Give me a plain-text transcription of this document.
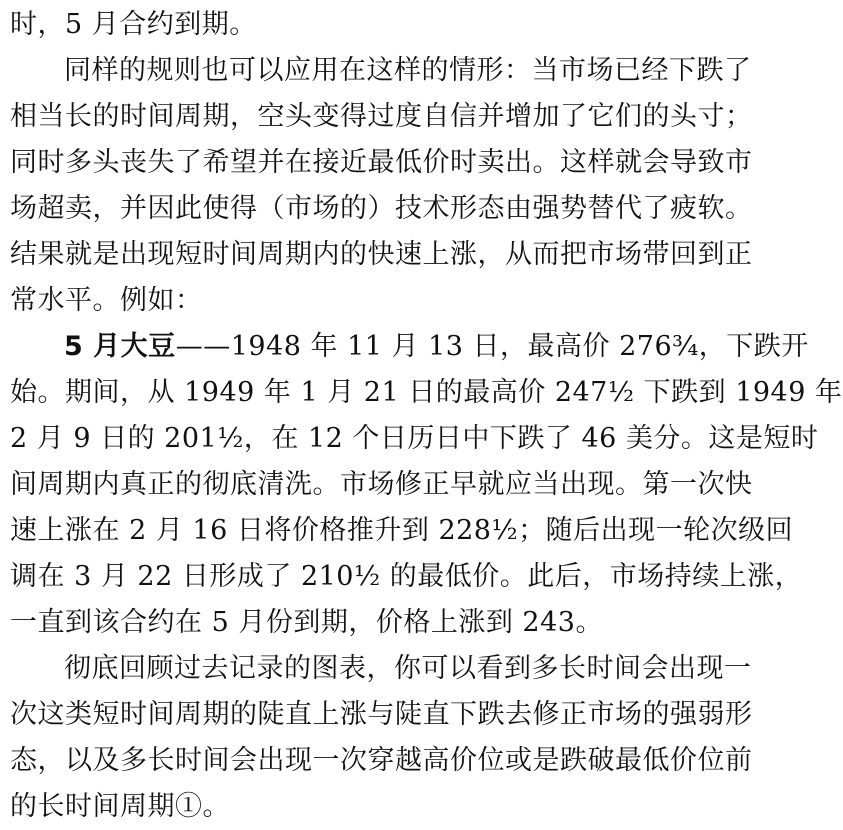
时，5 月合约到期。
同样的规则也可以应用在这样的情形：当市场已经下跌了
相当长的时间周期，空头变得过度自信并增加了它们的头寸；
同时多头丧失了希望并在接近最低价时卖出。这样就会导致市
场超卖，并因此使得（市场的）技术形态由强势替代了疲软。
结果就是出现短时间周期内的快速上涨，从而把市场带回到正
常水平。例如：
5 月大豆——1948 年 11 月 13 日，最高价 276¾，下跌开
始。期间，从 1949 年 1 月 21 日的最高价 247½ 下跌到 1949 年
2 月 9 日的 201½，在 12 个日历日中下跌了 46 美分。这是短时
间周期内真正的彻底清洗。市场修正早就应当出现。第一次快
速上涨在 2 月 16 日将价格推升到 228½；随后出现一轮次级回
调在 3 月 22 日形成了 210½ 的最低价。此后，市场持续上涨，
一直到该合约在 5 月份到期，价格上涨到 243。
彻底回顾过去记录的图表，你可以看到多长时间会出现一
次这类短时间周期的陡直上涨与陡直下跌去修正市场的强弱形
态，以及多长时间会出现一次穿越高价位或是跌破最低价位前
的长时间周期①。
